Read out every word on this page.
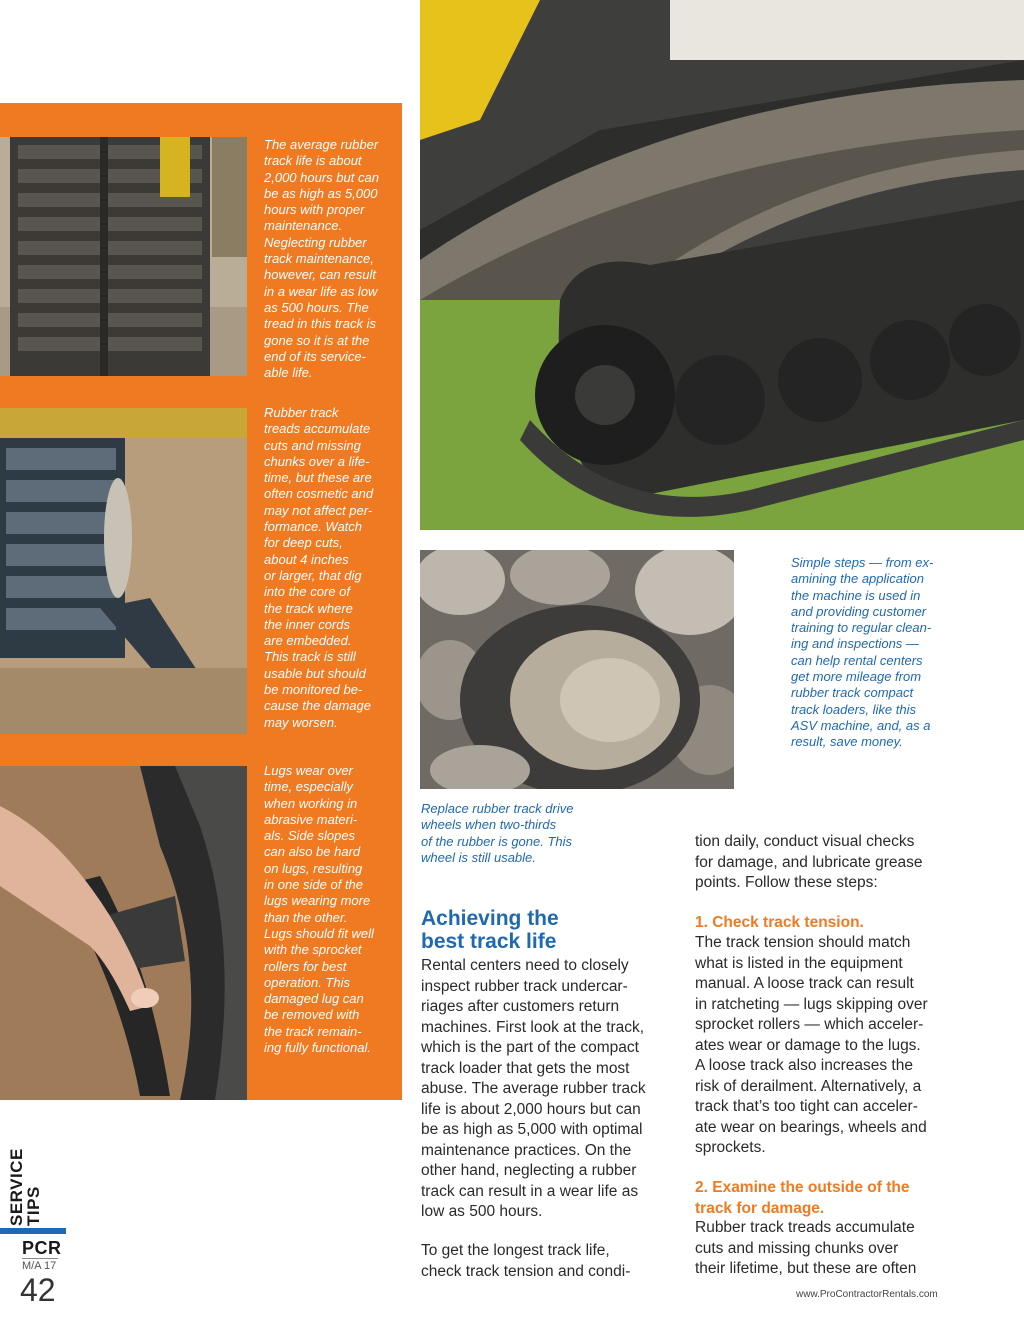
The average rubber
track life is about
2,000 hours but can
be as high as 5,000
hours with proper
maintenance.
Neglecting rubber
track maintenance,
however, can result
in a wear life as low
as 500 hours. The
tread in this track is
gone so it is at the
end of its service-
able life.
Rubber track
treads accumulate
cuts and missing
chunks over a life-
time, but these are
often cosmetic and
may not affect per-
formance. Watch
for deep cuts,
about 4 inches
or larger, that dig
into the core of
the track where
the inner cords
are embedded.
This track is still
usable but should
be monitored be-
cause the damage
may worsen.
Lugs wear over
time, especially
when working in
abrasive materi-
als. Side slopes
can also be hard
on lugs, resulting
in one side of the
lugs wearing more
than the other.
Lugs should fit well
with the sprocket
rollers for best
operation. This
damaged lug can
be removed with
the track remain-
ing fully functional.
Simple steps — from ex-
amining the application
the machine is used in
and providing customer
training to regular clean-
ing and inspections —
can help rental centers
get more mileage from
rubber track compact
track loaders, like this
ASV machine, and, as a
result, save money.
Replace rubber track drive
wheels when two-thirds
of the rubber is gone. This
wheel is still usable.
Achieving the
best track life
Rental centers need to closely
inspect rubber track undercar-
riages after customers return
machines. First look at the track,
which is the part of the compact
track loader that gets the most
abuse. The average rubber track
life is about 2,000 hours but can
be as high as 5,000 with optimal
maintenance practices. On the
other hand, neglecting a rubber
track can result in a wear life as
low as 500 hours.
To get the longest track life,
check track tension and condi-
tion daily, conduct visual checks
for damage, and lubricate grease
points. Follow these steps:
1. Check track tension.
The track tension should match
what is listed in the equipment
manual. A loose track can result
in ratcheting — lugs skipping over
sprocket rollers — which acceler-
ates wear or damage to the lugs.
A loose track also increases the
risk of derailment. Alternatively, a
track that’s too tight can acceler-
ate wear on bearings, wheels and
sprockets.
2. Examine the outside of the
track for damage.
Rubber track treads accumulate
cuts and missing chunks over
their lifetime, but these are often
SERVICE
TIPS
PCR
M/A 17
42	www.ProContractorRentals.com
